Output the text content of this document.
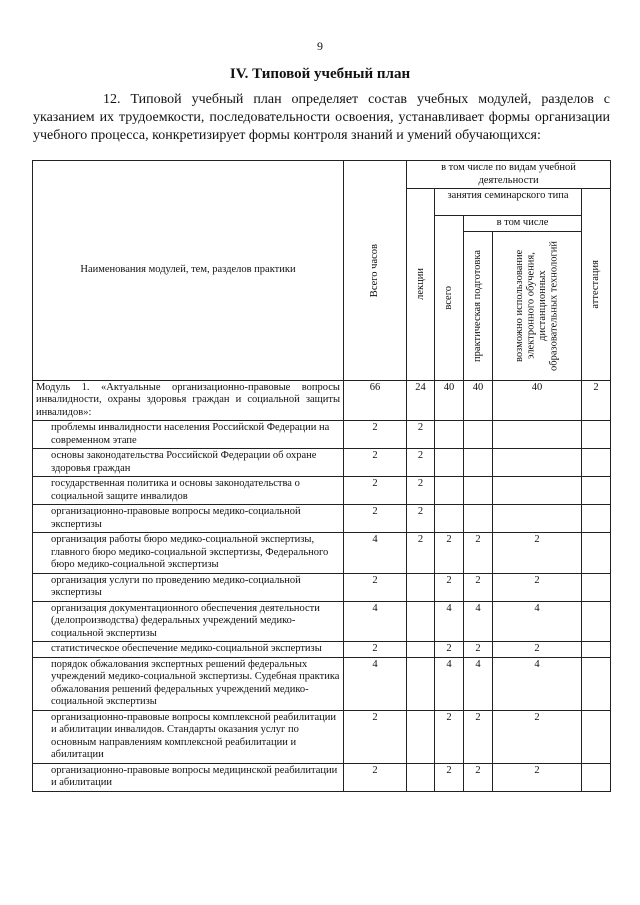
9
IV. Типовой учебный план

12. Типовой учебный план определяет состав учебных модулей, разделов с указанием их трудоемкости, последовательности освоения, устанавливает формы организации учебного процесса, конкретизирует формы контроля знаний и умений обучающихся:

Наименования модулей, тем, разделов практики	Всего часов	в том числе по видам учебной деятельности				

		лекции	занятия семинарского типа			аттестация

			всего	в том числе		

				практическая подготовка	возможно использование электронного обучения, дистанционных образовательных технологий	

Модуль 1. «Актуальные организационно-правовые вопросы инвалидности, охраны здоровья граждан и социальной защиты инвалидов»:	66	24	40	40	40	2
проблемы инвалидности населения Российской Федерации на современном этапе	2	2				
основы законодательства Российской Федерации об охране здоровья граждан	2	2				
государственная политика и основы законодательства о социальной защите инвалидов	2	2				
организационно-правовые вопросы медико-социальной экспертизы	2	2				
организация работы бюро медико-социальной экспертизы, главного бюро медико-социальной экспертизы, Федерального бюро медико-социальной экспертизы	4	2	2	2	2	
организация услуги по проведению медико-социальной экспертизы	2		2	2	2	
организация документационного обеспечения деятельности (делопроизводства) федеральных учреждений медико-социальной экспертизы	4		4	4	4	
статистическое обеспечение медико-социальной экспертизы	2		2	2	2	
порядок обжалования экспертных решений федеральных учреждений медико-социальной экспертизы. Судебная практика обжалования решений федеральных учреждений медико-социальной экспертизы	4		4	4	4	
организационно-правовые вопросы комплексной реабилитации и абилитации инвалидов. Стандарты оказания услуг по основным направлениям комплексной реабилитации и абилитации	2		2	2	2	
организационно-правовые вопросы медицинской реабилитации и абилитации	2		2	2	2	
